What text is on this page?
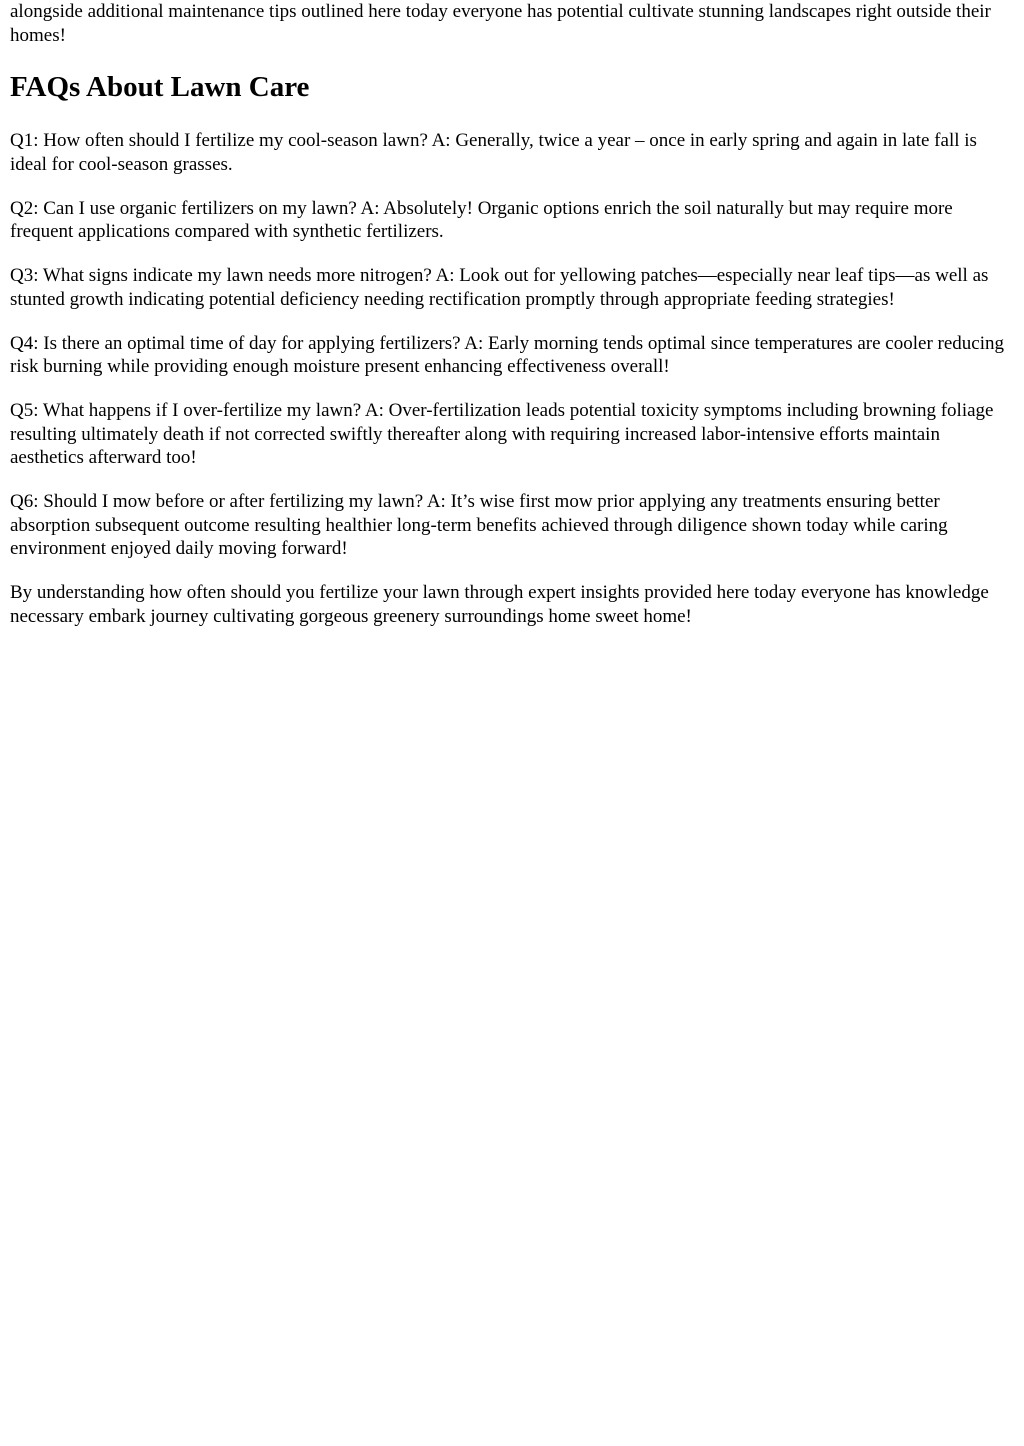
alongside additional maintenance tips outlined here today everyone has potential cultivate stunning landscapes right outside their homes!

FAQs About Lawn Care

Q1: How often should I fertilize my cool-season lawn? A: Generally, twice a year – once in early spring and again in late fall is ideal for cool-season grasses.

Q2: Can I use organic fertilizers on my lawn? A: Absolutely! Organic options enrich the soil naturally but may require more frequent applications compared with synthetic fertilizers.

Q3: What signs indicate my lawn needs more nitrogen? A: Look out for yellowing patches—especially near leaf tips—as well as stunted growth indicating potential deficiency needing rectification promptly through appropriate feeding strategies!

Q4: Is there an optimal time of day for applying fertilizers? A: Early morning tends optimal since temperatures are cooler reducing risk burning while providing enough moisture present enhancing effectiveness overall!

Q5: What happens if I over-fertilize my lawn? A: Over-fertilization leads potential toxicity symptoms including browning foliage resulting ultimately death if not corrected swiftly thereafter along with requiring increased labor-intensive efforts maintain aesthetics afterward too!

Q6: Should I mow before or after fertilizing my lawn? A: It’s wise first mow prior applying any treatments ensuring better absorption subsequent outcome resulting healthier long-term benefits achieved through diligence shown today while caring environment enjoyed daily moving forward!

By understanding how often should you fertilize your lawn through expert insights provided here today everyone has knowledge necessary embark journey cultivating gorgeous greenery surroundings home sweet home!
